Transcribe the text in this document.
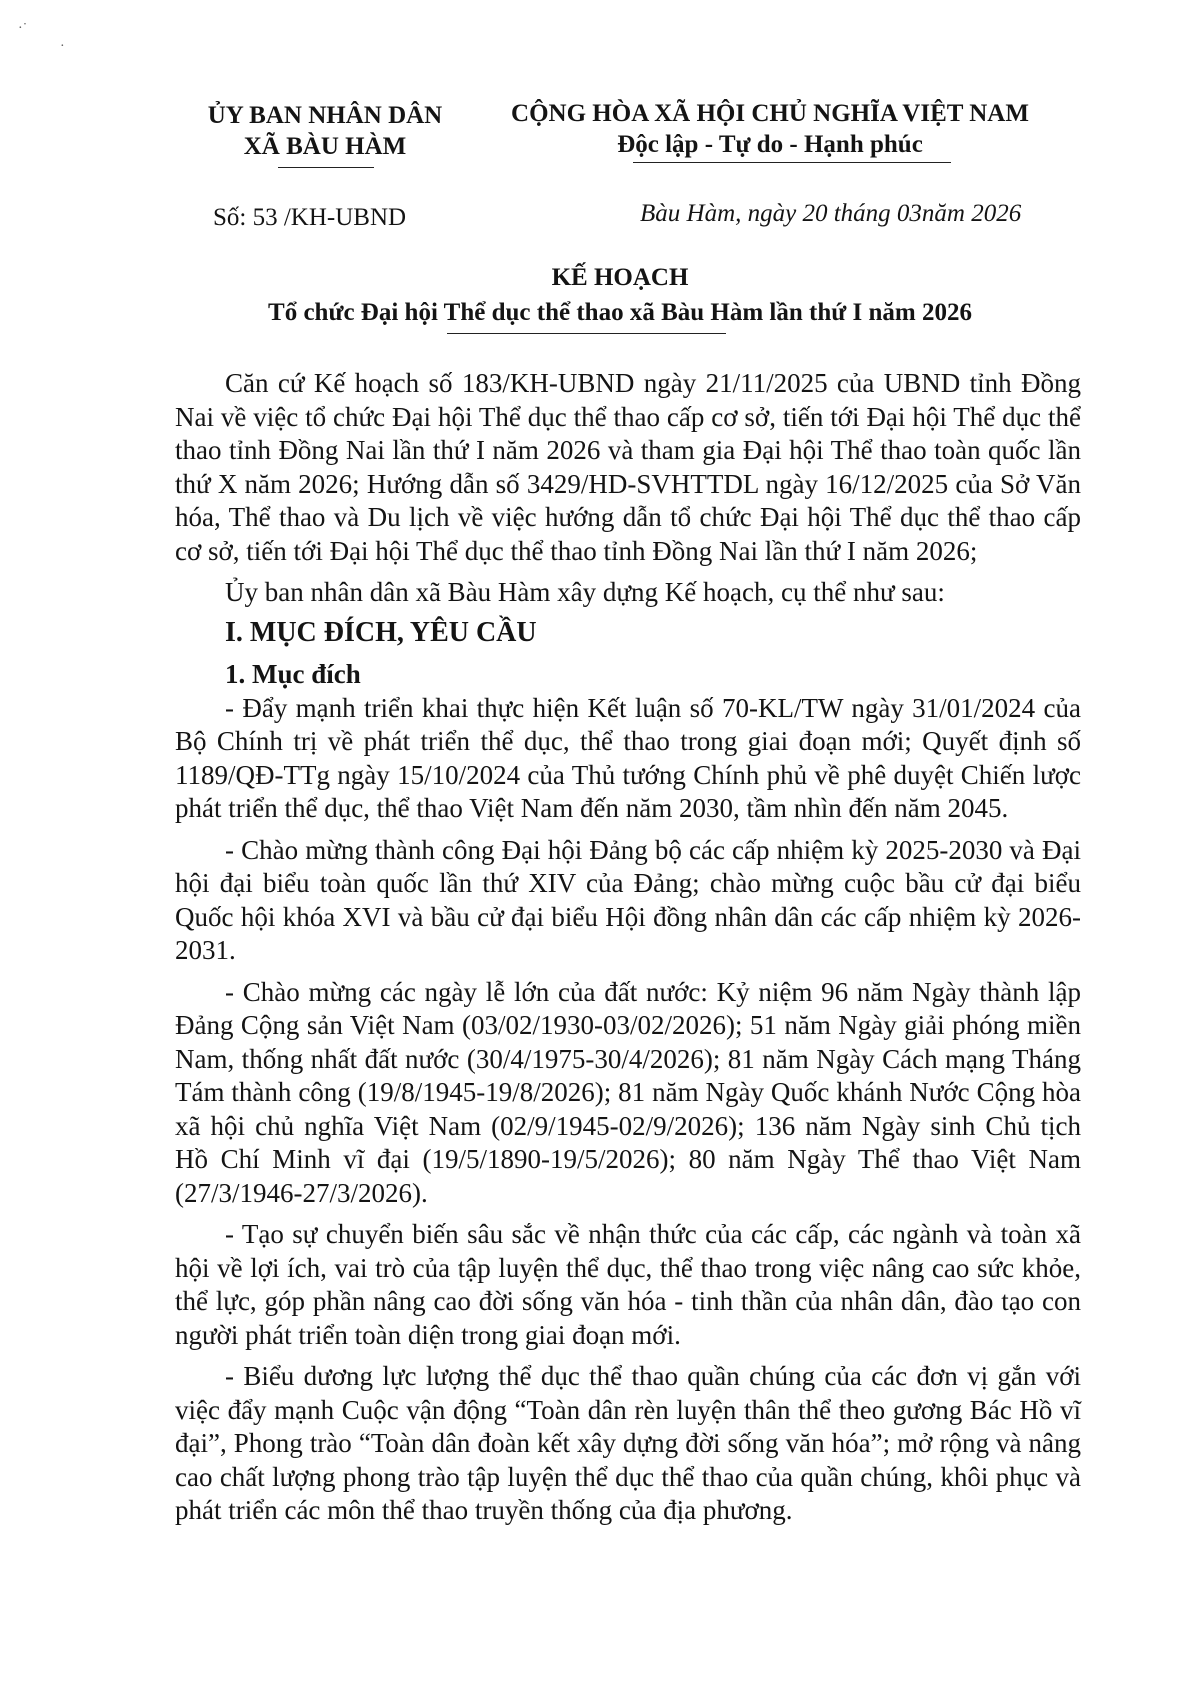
·˙
·
ỦY BAN NHÂN DÂN
XÃ BÀU HÀM
CỘNG HÒA XÃ HỘI CHỦ NGHĨA VIỆT NAM
Độc lập - Tự do - Hạnh phúc
Số: 53 /KH-UBND	Bàu Hàm, ngày 20 tháng 03năm 2026
KẾ HOẠCH
Tổ chức Đại hội Thể dục thể thao xã Bàu Hàm lần thứ I năm 2026

Căn cứ Kế hoạch số 183/KH-UBND ngày 21/11/2025 của UBND tỉnh Đồng Nai về việc tổ chức Đại hội Thể dục thể thao cấp cơ sở, tiến tới Đại hội Thể dục thể thao tỉnh Đồng Nai lần thứ I năm 2026 và tham gia Đại hội Thể thao toàn quốc lần thứ X năm 2026; Hướng dẫn số 3429/HD-SVHTTDL ngày 16/12/2025 của Sở Văn hóa, Thể thao và Du lịch về việc hướng dẫn tổ chức Đại hội Thể dục thể thao cấp cơ sở, tiến tới Đại hội Thể dục thể thao tỉnh Đồng Nai lần thứ I năm 2026;

Ủy ban nhân dân xã Bàu Hàm xây dựng Kế hoạch, cụ thể như sau:

I. MỤC ĐÍCH, YÊU CẦU
1. Mục đích

- Đẩy mạnh triển khai thực hiện Kết luận số 70-KL/TW ngày 31/01/2024 của Bộ Chính trị về phát triển thể dục, thể thao trong giai đoạn mới; Quyết định số 1189/QĐ-TTg ngày 15/10/2024 của Thủ tướng Chính phủ về phê duyệt Chiến lược phát triển thể dục, thể thao Việt Nam đến năm 2030, tầm nhìn đến năm 2045.

- Chào mừng thành công Đại hội Đảng bộ các cấp nhiệm kỳ 2025-2030 và Đại hội đại biểu toàn quốc lần thứ XIV của Đảng; chào mừng cuộc bầu cử đại biểu Quốc hội khóa XVI và bầu cử đại biểu Hội đồng nhân dân các cấp nhiệm kỳ 2026-2031.

- Chào mừng các ngày lễ lớn của đất nước: Kỷ niệm 96 năm Ngày thành lập Đảng Cộng sản Việt Nam (03/02/1930-03/02/2026); 51 năm Ngày giải phóng miền Nam, thống nhất đất nước (30/4/1975-30/4/2026); 81 năm Ngày Cách mạng Tháng Tám thành công (19/8/1945-19/8/2026); 81 năm Ngày Quốc khánh Nước Cộng hòa xã hội chủ nghĩa Việt Nam (02/9/1945-02/9/2026); 136 năm Ngày sinh Chủ tịch Hồ Chí Minh vĩ đại (19/5/1890-19/5/2026); 80 năm Ngày Thể thao Việt Nam (27/3/1946-27/3/2026).

- Tạo sự chuyển biến sâu sắc về nhận thức của các cấp, các ngành và toàn xã hội về lợi ích, vai trò của tập luyện thể dục, thể thao trong việc nâng cao sức khỏe, thể lực, góp phần nâng cao đời sống văn hóa - tinh thần của nhân dân, đào tạo con người phát triển toàn diện trong giai đoạn mới.

- Biểu dương lực lượng thể dục thể thao quần chúng của các đơn vị gắn với việc đẩy mạnh Cuộc vận động “Toàn dân rèn luyện thân thể theo gương Bác Hồ vĩ đại”, Phong trào “Toàn dân đoàn kết xây dựng đời sống văn hóa”; mở rộng và nâng cao chất lượng phong trào tập luyện thể dục thể thao của quần chúng, khôi phục và phát triển các môn thể thao truyền thống của địa phương.
